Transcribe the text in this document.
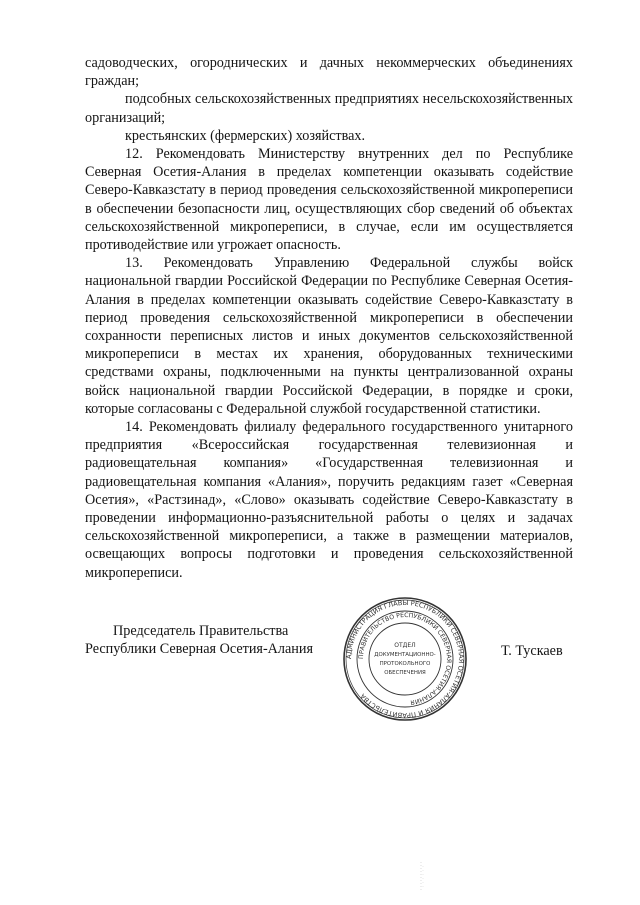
садоводческих, огороднических и дачных некоммерческих объединениях граждан;

подсобных сельскохозяйственных предприятиях несельскохозяйственных организаций;

крестьянских (фермерских) хозяйствах.

12. Рекомендовать Министерству внутренних дел по Республике Северная Осетия-Алания в пределах компетенции оказывать содействие Северо-Кавказстату в период проведения сельскохозяйственной микропереписи в обеспечении безопасности лиц, осуществляющих сбор сведений об объектах сельскохозяйственной микропереписи, в случае, если им осуществляется противодействие или угрожает опасность.

13. Рекомендовать Управлению Федеральной службы войск национальной гвардии Российской Федерации по Республике Северная Осетия-Алания в пределах компетенции оказывать содействие Северо-Кавказстату в период проведения сельскохозяйственной микропереписи в обеспечении сохранности переписных листов и иных документов сельскохозяйственной микропереписи в местах их хранения, оборудованных техническими средствами охраны, подключенными на пункты централизованной охраны войск национальной гвардии Российской Федерации, в порядке и сроки, которые согласованы с Федеральной службой государственной статистики.

14. Рекомендовать филиалу федерального государственного унитарного предприятия «Всероссийская государственная телевизионная и радиовещательная компания» «Государственная телевизионная и радиовещательная компания «Алания», поручить редакциям газет «Северная Осетия», «Растзинад», «Слово» оказывать содействие Северо-Кавказстату в проведении информационно-разъяснительной работы о целях и задачах сельскохозяйственной микропереписи, а также в размещении материалов, освещающих вопросы подготовки и проведения сельскохозяйственной микропереписи.

Председатель Правительства

Республики Северная Осетия-Алания	АДМИНИСТРАЦИЯ ГЛАВЫ РЕСПУБЛИКИ СЕВЕРНАЯ ОСЕТИЯ-АЛАНИЯ И ПРАВИТЕЛЬСТВА
ПРАВИТЕЛЬСТВО РЕСПУБЛИКИ СЕВЕРНАЯ ОСЕТИЯ-АЛАНИЯ
ОТДЕЛ
ДОКУМЕНТАЦИОННО-
ПРОТОКОЛЬНОГО
ОБЕСПЕЧЕНИЯ
Т. Тускаев
